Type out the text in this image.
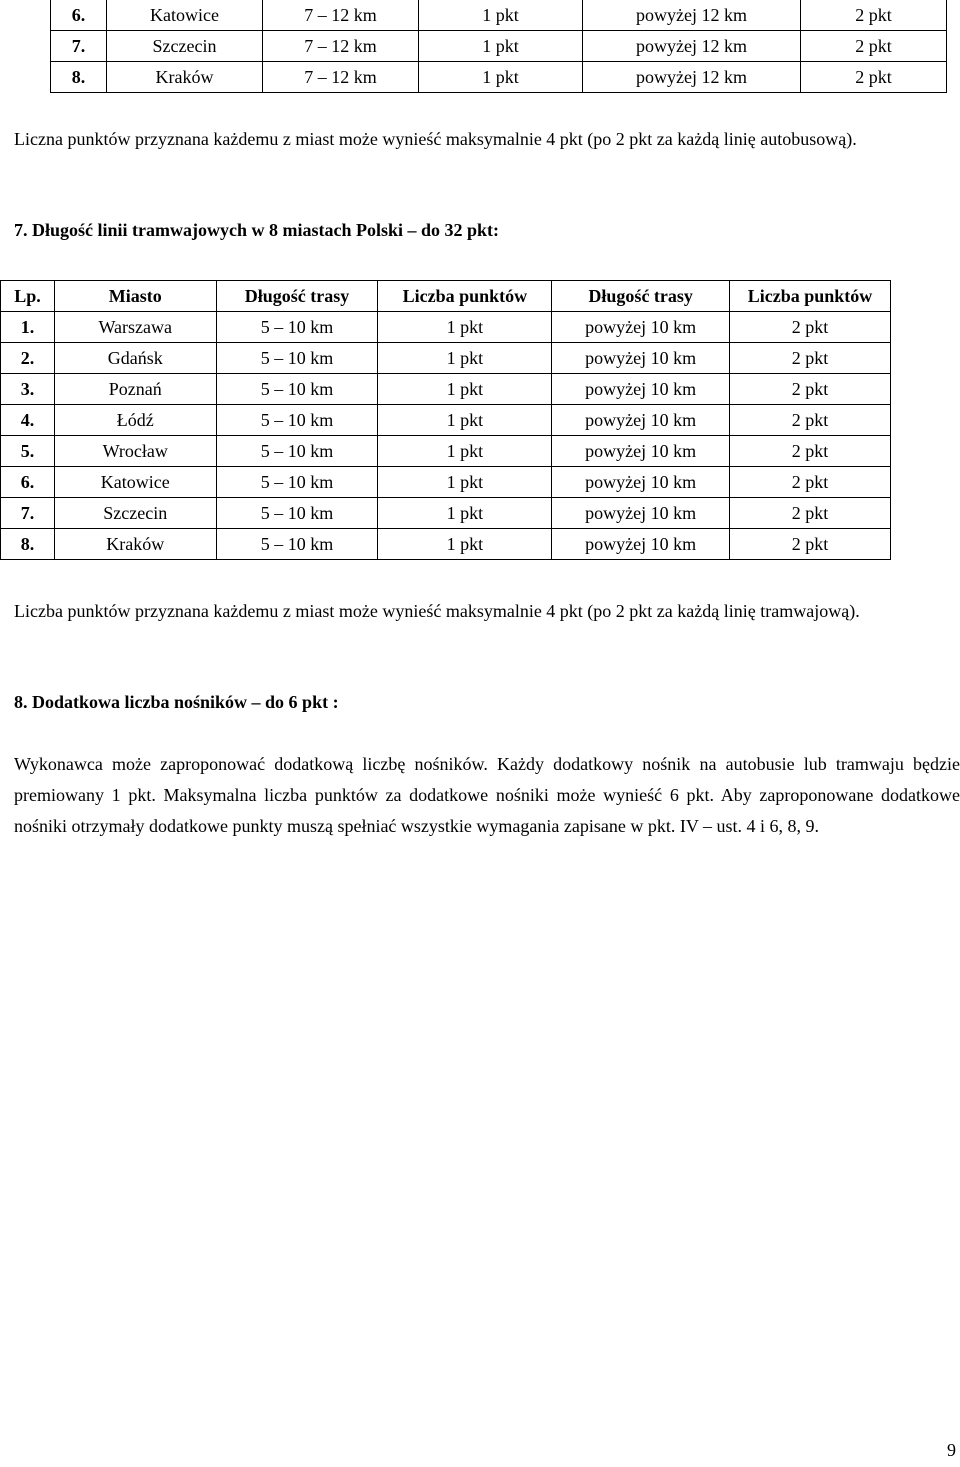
6.	Katowice	7 – 12 km	1 pkt	powyżej 12 km	2 pkt
7.	Szczecin	7 – 12 km	1 pkt	powyżej 12 km	2 pkt
8.	Kraków	7 – 12 km	1 pkt	powyżej 12 km	2 pkt

Liczna punktów przyznana każdemu z miast może wynieść maksymalnie 4 pkt (po 2 pkt za każdą linię autobusową).

7. Długość linii tramwajowych w 8 miastach Polski – do 32 pkt:

Lp.	Miasto	Długość trasy	Liczba punktów	Długość trasy	Liczba punktów
1.	Warszawa	5 – 10 km	1 pkt	powyżej 10 km	2 pkt
2.	Gdańsk	5 – 10 km	1 pkt	powyżej 10 km	2 pkt
3.	Poznań	5 – 10 km	1 pkt	powyżej 10 km	2 pkt
4.	Łódź	5 – 10 km	1 pkt	powyżej 10 km	2 pkt
5.	Wrocław	5 – 10 km	1 pkt	powyżej 10 km	2 pkt
6.	Katowice	5 – 10 km	1 pkt	powyżej 10 km	2 pkt
7.	Szczecin	5 – 10 km	1 pkt	powyżej 10 km	2 pkt
8.	Kraków	5 – 10 km	1 pkt	powyżej 10 km	2 pkt

Liczba punktów przyznana każdemu z miast może wynieść maksymalnie 4 pkt (po 2 pkt za każdą linię tramwajową).

8. Dodatkowa liczba nośników – do 6 pkt :

Wykonawca może zaproponować dodatkową liczbę nośników. Każdy dodatkowy nośnik na autobusie lub tramwaju będzie premiowany 1 pkt. Maksymalna liczba punktów za dodatkowe nośniki może wynieść 6 pkt. Aby zaproponowane dodatkowe nośniki otrzymały dodatkowe punkty muszą spełniać wszystkie wymagania zapisane w pkt. IV – ust. 4 i 6, 8, 9.

9
